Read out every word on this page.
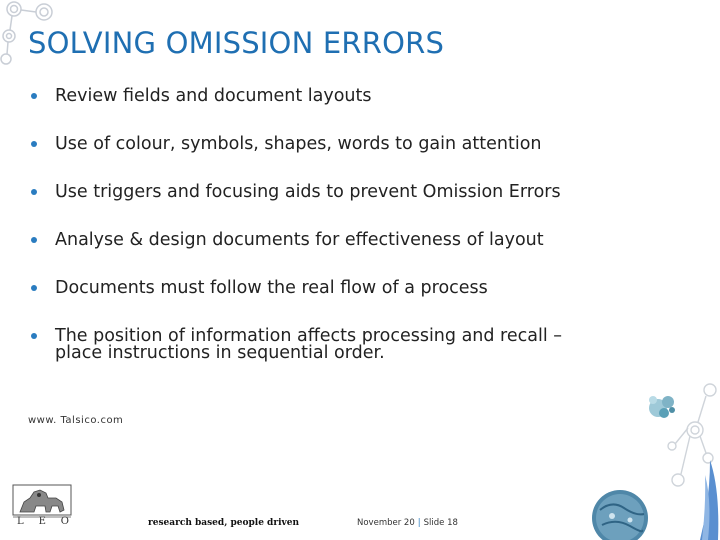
SOLVING OMISSION ERRORS
Review fields and document layouts
Use of colour, symbols, shapes, words to gain attention
Use triggers and focusing aids to prevent Omission Errors
Analyse & design documents for effectiveness of layout
Documents must follow the real flow of a process
The position of information affects processing and recall –
place instructions in sequential order.
www. Talsico.com
L E O	research based, people driven	November 20 | Slide 18
